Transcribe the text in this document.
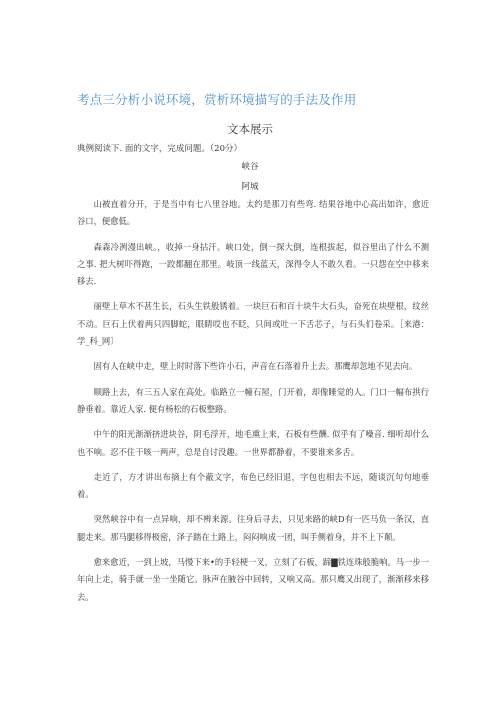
考点三分析小说环境，赏析环境描写的手法及作用
文本展示
典例阅读下. 面的文字，完成问题。（20分）
峡谷
阿城

山被直着分开，于是当中有七八里谷地。太约是那刀有些弯. 结果谷地中心高出如许，愈近谷口，便愈低。

森森冷冽漫出峡。，收掉一身拈汗。峡口处，倒一探大倒，连根拔起，似谷里出了什么不测之事. 把大树吓得跑，一跤都翻在那里。岐顶一线蓝天，深得令人不敢久看。一只怨在空中移来移去.

丽壁上草木不甚生长，石头生铁般锈着。一块巨石和百十块牛大石头，奋死在块壁根，纹丝不动。巨石上伏着两只四脚蛇，眼睛哎也不眨，只间或吐一下舌芯子，与石头们卷采。［来港：学_科_网〕

固有人在峡中走，壁上时时落下些许小石，声音在石落着升上去。那鹰却忽地不见去向。

顺路上去，有三五人家在高处。临路立一幢石屋，门开着，却像睡觉的人。门口一幅布拱行静垂着。靠近人家. 便有杨松的石板整路。

中午的阳光渐渐挤进块谷，阴毛浮开，地毛熏上来，石板有些酬. 似乎有了噪音. 细听却什么也不响。忍不住干咳一两声，总是自讨没趣。一世界都静着，不要谁来多舌。

走近了，方才讲出布摘上有个蔽文字，布色已经旧退，字包也相去不远，随谈沉句句地垂着。

突然峡谷中有一点异响，却不辨来源。往身后寻去，只见来路的峡D有一匹马负一条汉，直腿走来。那马腿移得极密，泽子踏在土路上，闷闷响成一团，叫手侧着身，并不上下颠。

愈来愈近，一到上坡，马慢下来•的手轻梗一叉，立刻了石板，蹄▇铁连珠般脆响。马一步一年向上走，骑手就一坐一坐随它。脉声在腋谷中回转，又响又高。那只鹰又出现了，渐渐移来移去。
